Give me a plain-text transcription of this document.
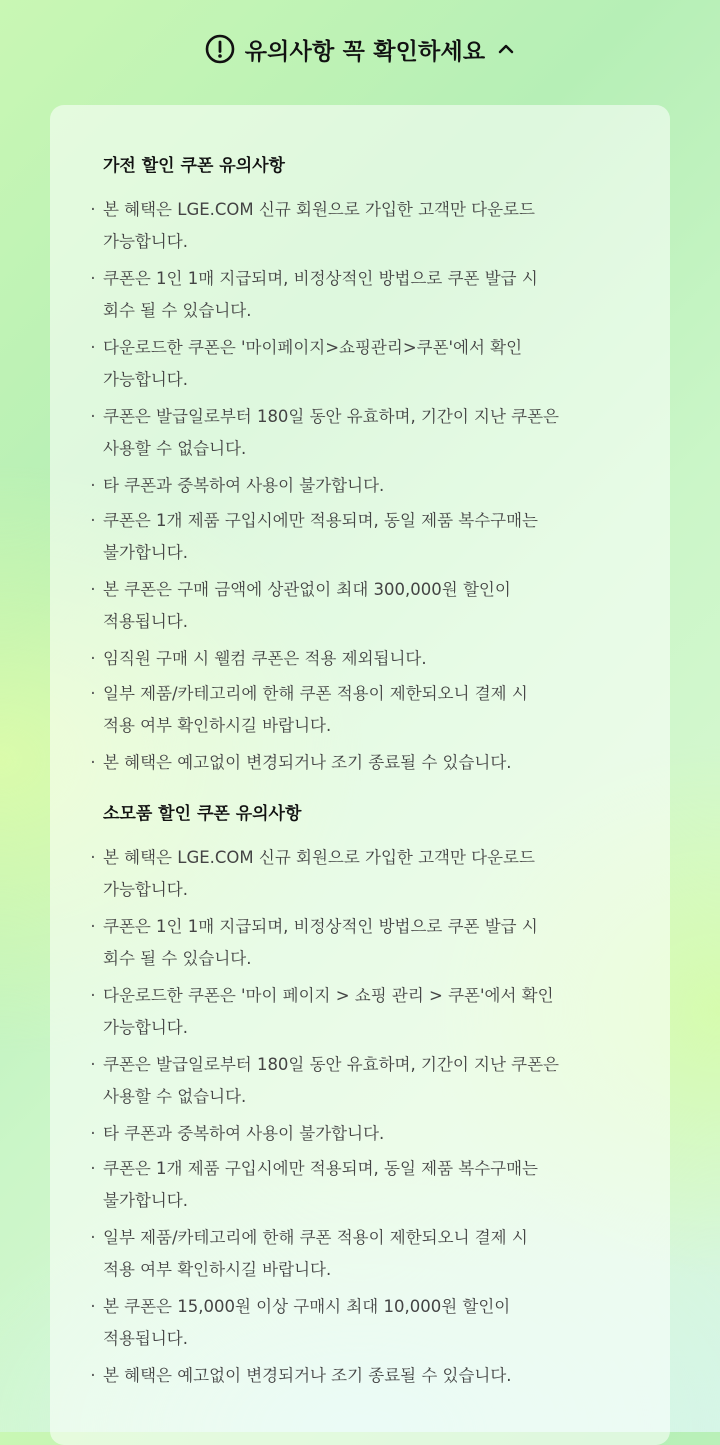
유의사항 꼭 확인하세요
가전 할인 쿠폰 유의사항
· 본 혜택은 LGE.COM 신규 회원으로 가입한 고객만 다운로드
가능합니다.
· 쿠폰은 1인 1매 지급되며, 비정상적인 방법으로 쿠폰 발급 시
회수 될 수 있습니다.
· 다운로드한 쿠폰은 '마이페이지>쇼핑관리>쿠폰'에서 확인
가능합니다.
· 쿠폰은 발급일로부터 180일 동안 유효하며, 기간이 지난 쿠폰은
사용할 수 없습니다.
· 타 쿠폰과 중복하여 사용이 불가합니다.
· 쿠폰은 1개 제품 구입시에만 적용되며, 동일 제품 복수구매는
불가합니다.
· 본 쿠폰은 구매 금액에 상관없이 최대 300,000원 할인이
적용됩니다.
· 임직원 구매 시 웰컴 쿠폰은 적용 제외됩니다.
· 일부 제품/카테고리에 한해 쿠폰 적용이 제한되오니 결제 시
적용 여부 확인하시길 바랍니다.
· 본 혜택은 예고없이 변경되거나 조기 종료될 수 있습니다.
소모품 할인 쿠폰 유의사항
· 본 혜택은 LGE.COM 신규 회원으로 가입한 고객만 다운로드
가능합니다.
· 쿠폰은 1인 1매 지급되며, 비정상적인 방법으로 쿠폰 발급 시
회수 될 수 있습니다.
· 다운로드한 쿠폰은 '마이 페이지 > 쇼핑 관리 > 쿠폰'에서 확인
가능합니다.
· 쿠폰은 발급일로부터 180일 동안 유효하며, 기간이 지난 쿠폰은
사용할 수 없습니다.
· 타 쿠폰과 중복하여 사용이 불가합니다.
· 쿠폰은 1개 제품 구입시에만 적용되며, 동일 제품 복수구매는
불가합니다.
· 일부 제품/카테고리에 한해 쿠폰 적용이 제한되오니 결제 시
적용 여부 확인하시길 바랍니다.
· 본 쿠폰은 15,000원 이상 구매시 최대 10,000원 할인이
적용됩니다.
· 본 혜택은 예고없이 변경되거나 조기 종료될 수 있습니다.
